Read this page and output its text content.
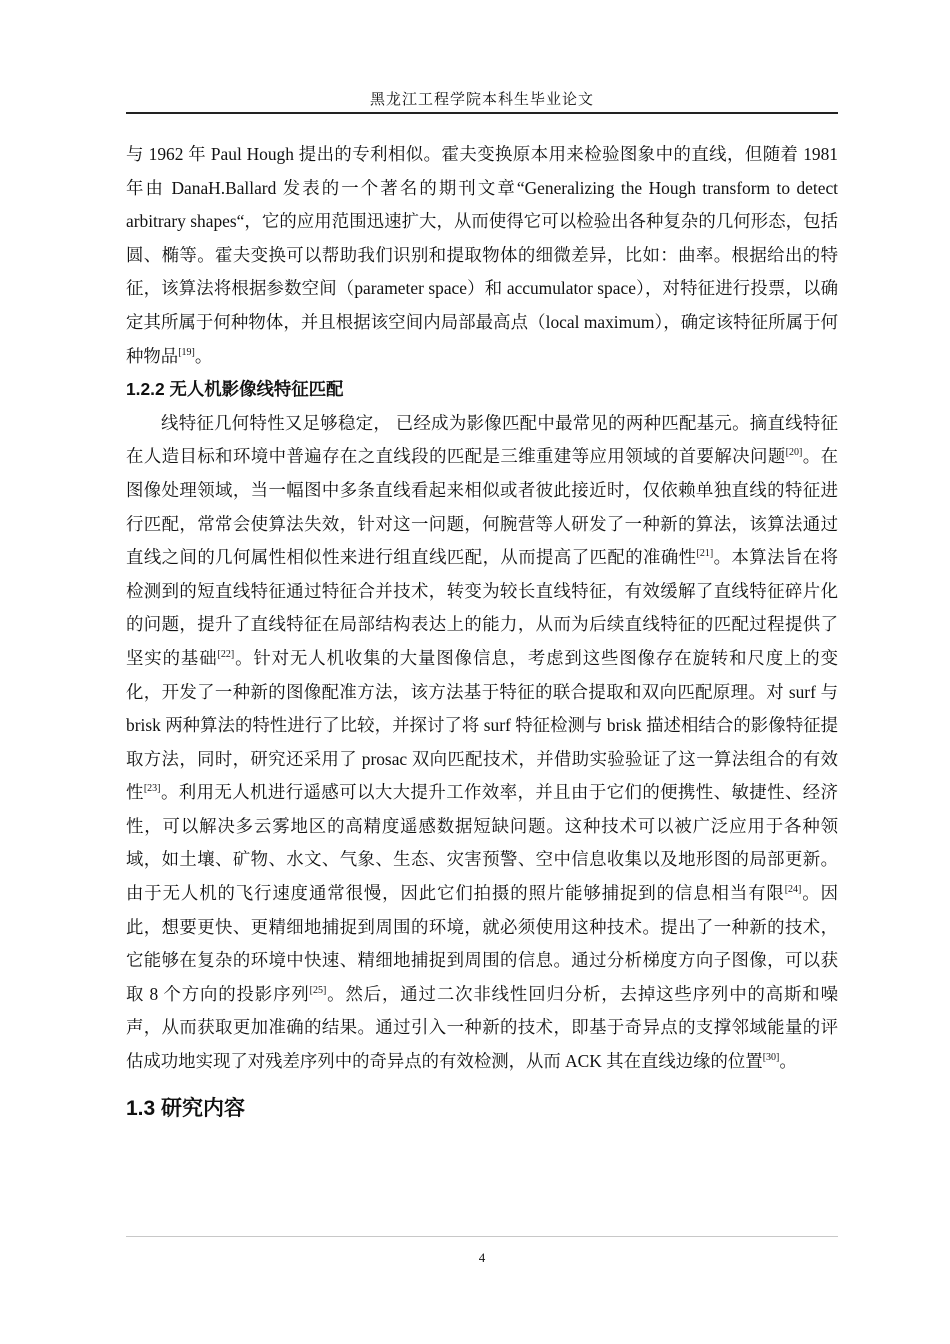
黑龙江工程学院本科生毕业论文

与 1962 年 Paul Hough 提出的专利相似。霍夫变换原本用来检验图象中的直线，但随着 1981 年由 DanaH.Ballard 发表的一个著名的期刊文章“Generalizing the Hough transform to detect arbitrary shapes“，它的应用范围迅速扩大，从而使得它可以检验出各种复杂的几何形态，包括圆、椭等。霍夫变换可以帮助我们识别和提取物体的细微差异，比如：曲率。根据给出的特征，该算法将根据参数空间（parameter space）和 accumulator space），对特征进行投票，以确定其所属于何种物体，并且根据该空间内局部最高点（local maximum），确定该特征所属于何种物品[19]。

1.2.2 无人机影像线特征匹配

线特征几何特性又足够稳定， 已经成为影像匹配中最常见的两种匹配基元。摘直线特征在人造目标和环境中普遍存在之直线段的匹配是三维重建等应用领域的首要解决问题[20]。在图像处理领域，当一幅图中多条直线看起来相似或者彼此接近时，仅依赖单独直线的特征进行匹配，常常会使算法失效，针对这一问题，何腕营等人研发了一种新的算法，该算法通过直线之间的几何属性相似性来进行组直线匹配，从而提高了匹配的准确性[21]。本算法旨在将检测到的短直线特征通过特征合并技术，转变为较长直线特征，有效缓解了直线特征碎片化的问题，提升了直线特征在局部结构表达上的能力，从而为后续直线特征的匹配过程提供了坚实的基础[22]。针对无人机收集的大量图像信息，考虑到这些图像存在旋转和尺度上的变化，开发了一种新的图像配准方法，该方法基于特征的联合提取和双向匹配原理。对 surf 与 brisk 两种算法的特性进行了比较，并探讨了将 surf 特征检测与 brisk 描述相结合的影像特征提取方法，同时，研究还采用了 prosac 双向匹配技术，并借助实验验证了这一算法组合的有效性[23]。利用无人机进行遥感可以大大提升工作效率，并且由于它们的便携性、敏捷性、经济性，可以解决多云雾地区的高精度遥感数据短缺问题。这种技术可以被广泛应用于各种领域，如土壤、矿物、水文、气象、生态、灾害预警、空中信息收集以及地形图的局部更新。由于无人机的飞行速度通常很慢，因此它们拍摄的照片能够捕捉到的信息相当有限[24]。因此，想要更快、更精细地捕捉到周围的环境，就必须使用这种技术。提出了一种新的技术，它能够在复杂的环境中快速、精细地捕捉到周围的信息。通过分析梯度方向子图像，可以获取 8 个方向的投影序列[25]。然后，通过二次非线性回归分析，去掉这些序列中的高斯和噪声，从而获取更加准确的结果。通过引入一种新的技术，即基于奇异点的支撑邻域能量的评估成功地实现了对残差序列中的奇异点的有效检测，从而 ACK 其在直线边缘的位置[30]。

1.3 研究内容
4
